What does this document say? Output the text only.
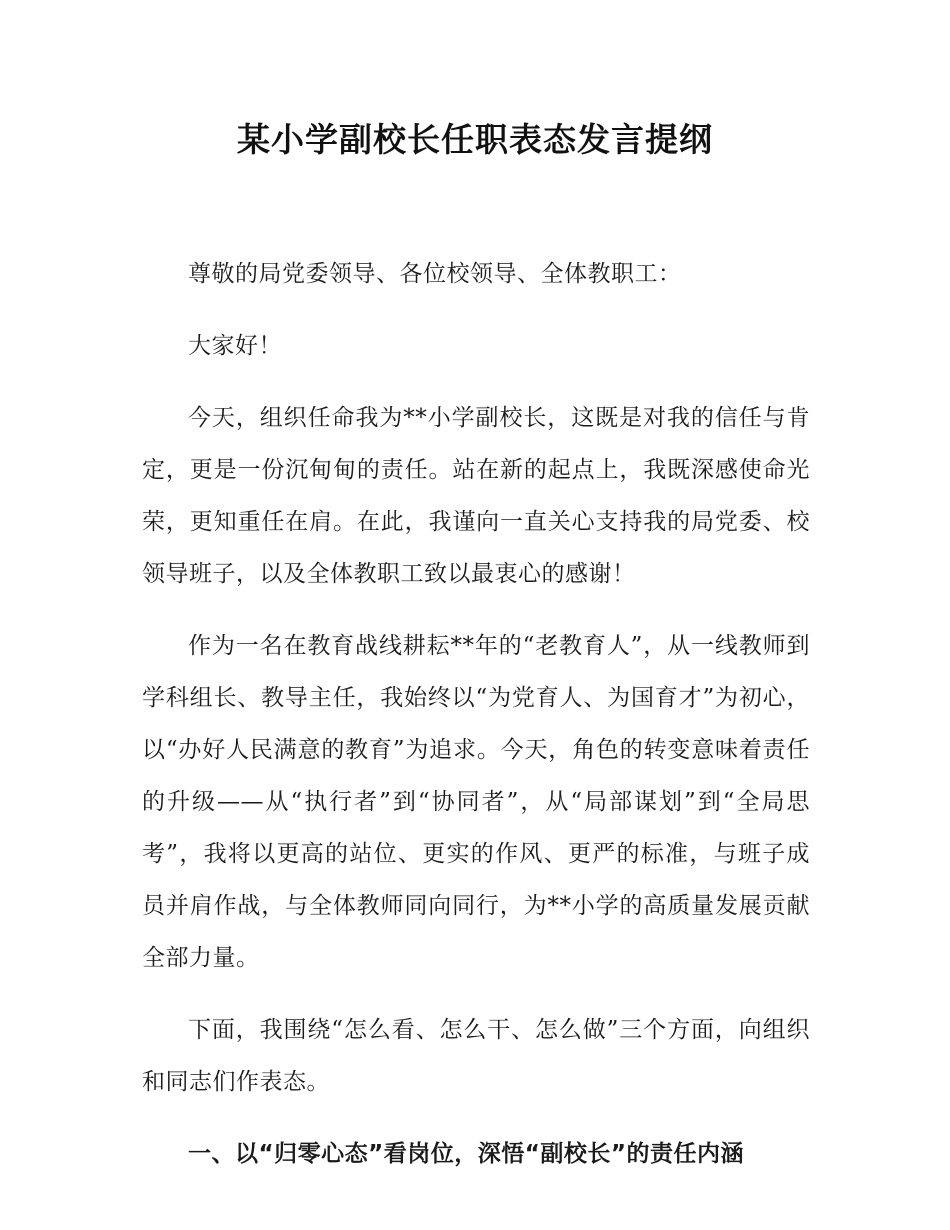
某小学副校长任职表态发言提纲

尊敬的局党委领导、各位校领导、全体教职工：

大家好！

今天，组织任命我为**小学副校长，这既是对我的信任与肯定，更是一份沉甸甸的责任。站在新的起点上，我既深感使命光荣，更知重任在肩。在此，我谨向一直关心支持我的局党委、校领导班子，以及全体教职工致以最衷心的感谢！

作为一名在教育战线耕耘**年的“老教育人”，从一线教师到学科组长、教导主任，我始终以“为党育人、为国育才”为初心，以“办好人民满意的教育”为追求。今天，角色的转变意味着责任的升级——从“执行者”到“协同者”，从“局部谋划”到“全局思考”，我将以更高的站位、更实的作风、更严的标准，与班子成员并肩作战，与全体教师同向同行，为**小学的高质量发展贡献全部力量。

下面，我围绕“怎么看、怎么干、怎么做”三个方面，向组织和同志们作表态。

一、以“归零心态”看岗位，深悟“副校长”的责任内涵
